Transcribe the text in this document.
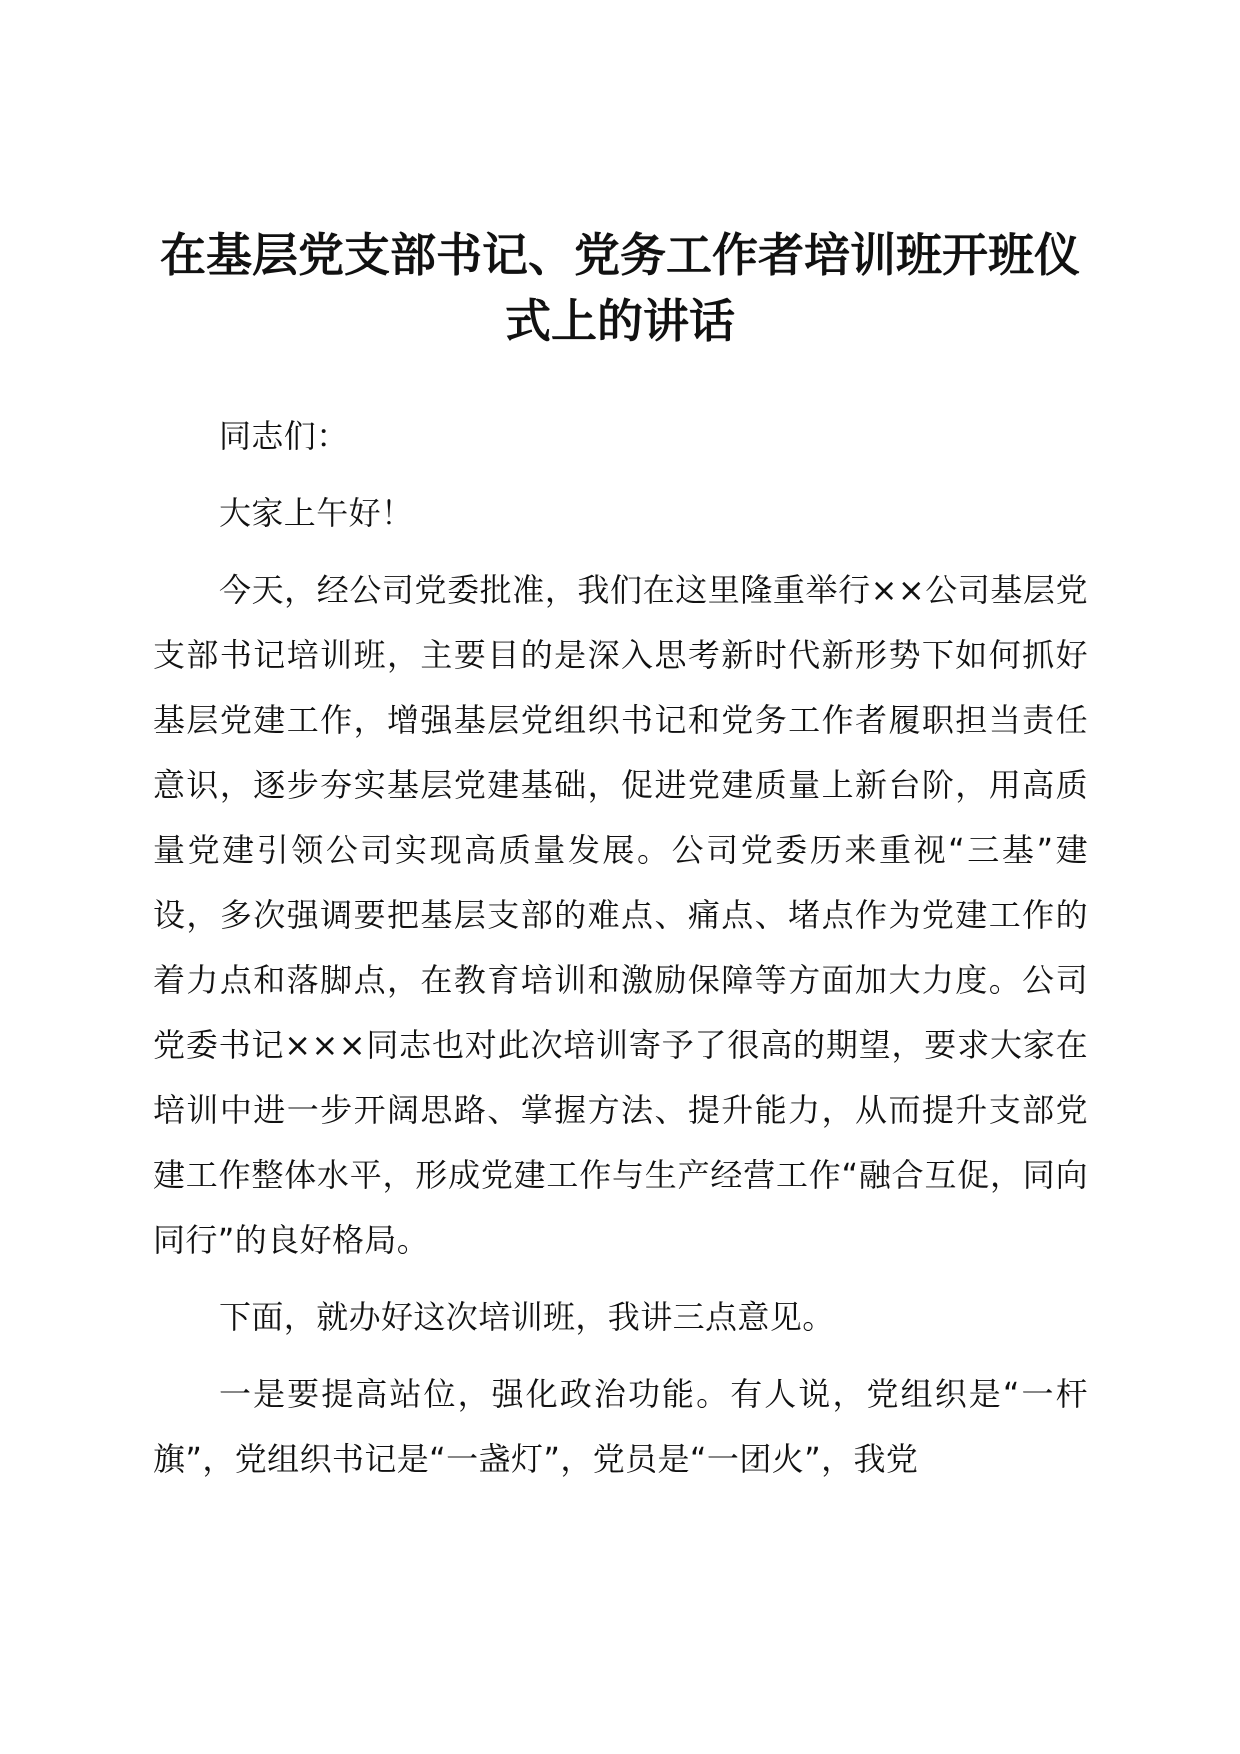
在基层党支部书记、党务工作者培训班开班仪
式上的讲话

同志们：

大家上午好！

今天，经公司党委批准，我们在这里隆重举行××公司基层党支部书记培训班，主要目的是深入思考新时代新形势下如何抓好基层党建工作，增强基层党组织书记和党务工作者履职担当责任意识，逐步夯实基层党建基础，促进党建质量上新台阶，用高质量党建引领公司实现高质量发展。公司党委历来重视“三基”建设，多次强调要把基层支部的难点、痛点、堵点作为党建工作的着力点和落脚点，在教育培训和激励保障等方面加大力度。公司党委书记×××同志也对此次培训寄予了很高的期望，要求大家在培训中进一步开阔思路、掌握方法、提升能力，从而提升支部党建工作整体水平，形成党建工作与生产经营工作“融合互促，同向同行”的良好格局。

下面，就办好这次培训班，我讲三点意见。

一是要提高站位，强化政治功能。有人说，党组织是“一杆旗”，党组织书记是“一盏灯”，党员是“一团火”，我党
